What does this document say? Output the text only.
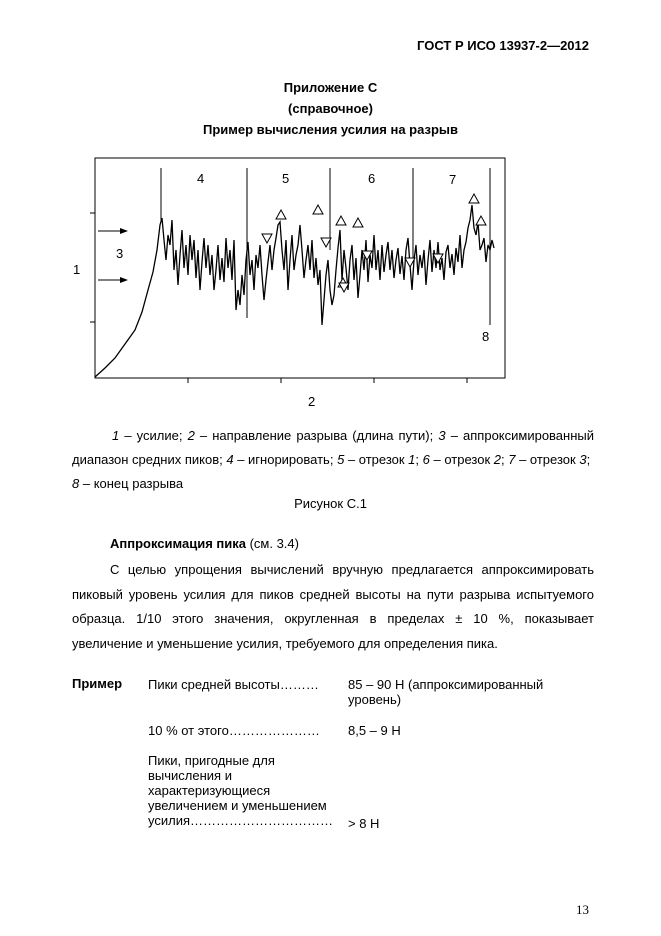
ГОСТ Р ИСО 13937-2—2012
Приложение С
(справочное)
Пример вычисления усилия на разрыв
1
3
4	5	6	7
8
2
1 – усилие; 2 – направление разрыва (длина пути); 3 – аппроксимированный диапазон средних пиков; 4 – игнорировать; 5 – отрезок 1; 6 – отрезок 2; 7 – отрезок 3;
8 – конец разрыва
Рисунок С.1
Аппроксимация пика (см. 3.4)
С целью упрощения вычислений вручную предлагается аппроксимировать пиковый уровень усилия для пиков средней высоты на пути разрыва испытуемого образца. 1/10 этого значения, округленная в пределах ± 10 %, показывает увеличение и уменьшение усилия, требуемого для определения пика.
Пример Пики средней высоты………	85 – 90 Н (аппроксимированный уровень)
10 % от этого…………………	8,5 – 9 Н
Пики, пригодные для вычисления и характеризующиеся увеличением и уменьшением усилия…………………………… > 8 Н
13
